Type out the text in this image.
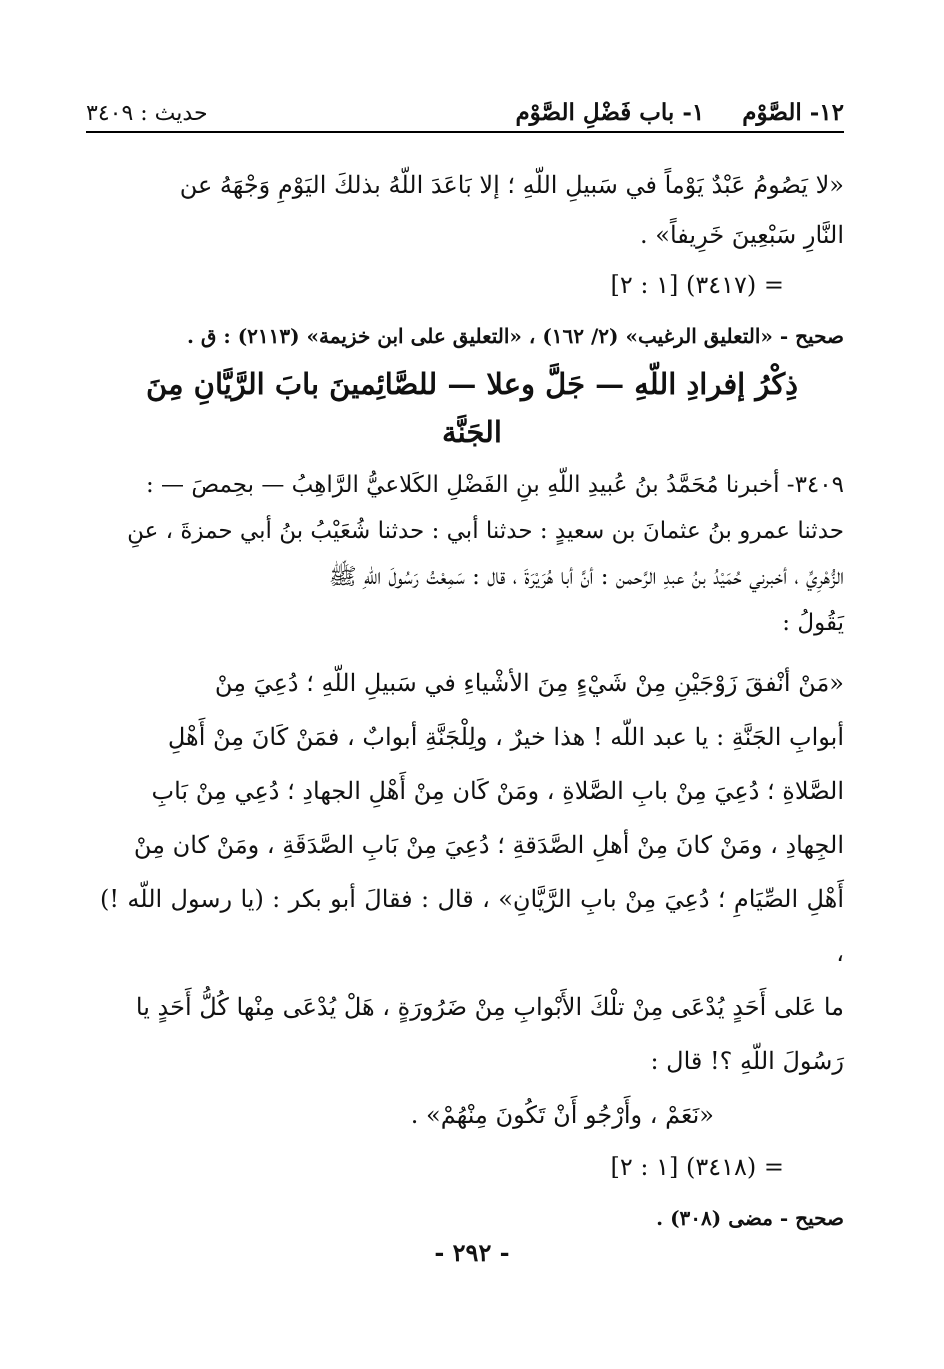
١٢- الصَّوْم
١- باب فَضْلِ الصَّوْم
حديث : ٣٤٠٩
«لا يَصُومُ عَبْدٌ يَوْماً في سَبيلِ اللّهِ ؛ إلا بَاعَدَ اللّهُ بذلكَ اليَوْمِ وَجْهَهُ عن
النَّارِ سَبْعِينَ خَرِيفاً» .
= (٣٤١٧) [١ : ٢]
صحيح - «التعليق الرغيب» (٢/ ١٦٢) ، «التعليق على ابن خزيمة» (٢١١٣) : ق .
ذِكْرُ إفرادِ اللّهِ — جَلَّ وعلا — للصَّائِمينَ بابَ الرَّيَّانِ مِنَ
الجَنَّة
٣٤٠٩- أخبرنا مُحَمَّدُ بنُ عُبيدِ اللّهِ بنِ الفَضْلِ الكَلاعيُّ الرَّاهِبُ — بحِمصَ — :
حدثنا عمرو بنُ عثمانَ بن سعيدٍ : حدثنا أبي : حدثنا شُعَيْبُ بنُ أبي حمزةَ ، عنِ
الزُّهْرِيِّ ، أخبرني حُمَيْدُ بنُ عبدِ الرَّحمن : أنَّ أبا هُرَيْرَةَ ، قال : سَمِعْتُ رَسُولَ اللّهِ ﷺ
يَقُولُ :
«مَنْ أنْفقَ زَوْجَيْنِ مِنْ شَيْءٍ مِنَ الأشْياءِ في سَبيلِ اللّهِ ؛ دُعِيَ مِنْ
أبوابِ الجَنَّةِ : يا عبد اللّه ! هذا خيرٌ ، ولِلْجَنَّةِ أبوابٌ ، فمَنْ كَانَ مِنْ أَهْلِ
الصَّلاةِ ؛ دُعِيَ مِنْ بابِ الصَّلاةِ ، ومَنْ كَان مِنْ أَهْلِ الجهادِ ؛ دُعِي مِنْ بَابِ
الجِهادِ ، ومَنْ كانَ مِنْ أهلِ الصَّدَقةِ ؛ دُعِيَ مِنْ بَابِ الصَّدَقَةِ ، ومَنْ كان مِنْ
أَهْلِ الصِّيَامِ ؛ دُعِيَ مِنْ بابِ الرَّيَّانِ» ، قال : فقالَ أبو بكر : (يا رسول اللّه !) ،
ما عَلى أَحَدٍ يُدْعَى مِنْ تلْكَ الأَبْوابِ مِنْ ضَرُورَةٍ ، هَلْ يُدْعَى مِنْها كُلُّ أَحَدٍ يا
رَسُولَ اللّهِ ؟! قال :
«نَعَمْ ، وأَرْجُو أَنْ تَكُونَ مِنْهُمْ» .
= (٣٤١٨) [١ : ٢]
صحيح - مضى (٣٠٨) .
- ٢٩٢ -
